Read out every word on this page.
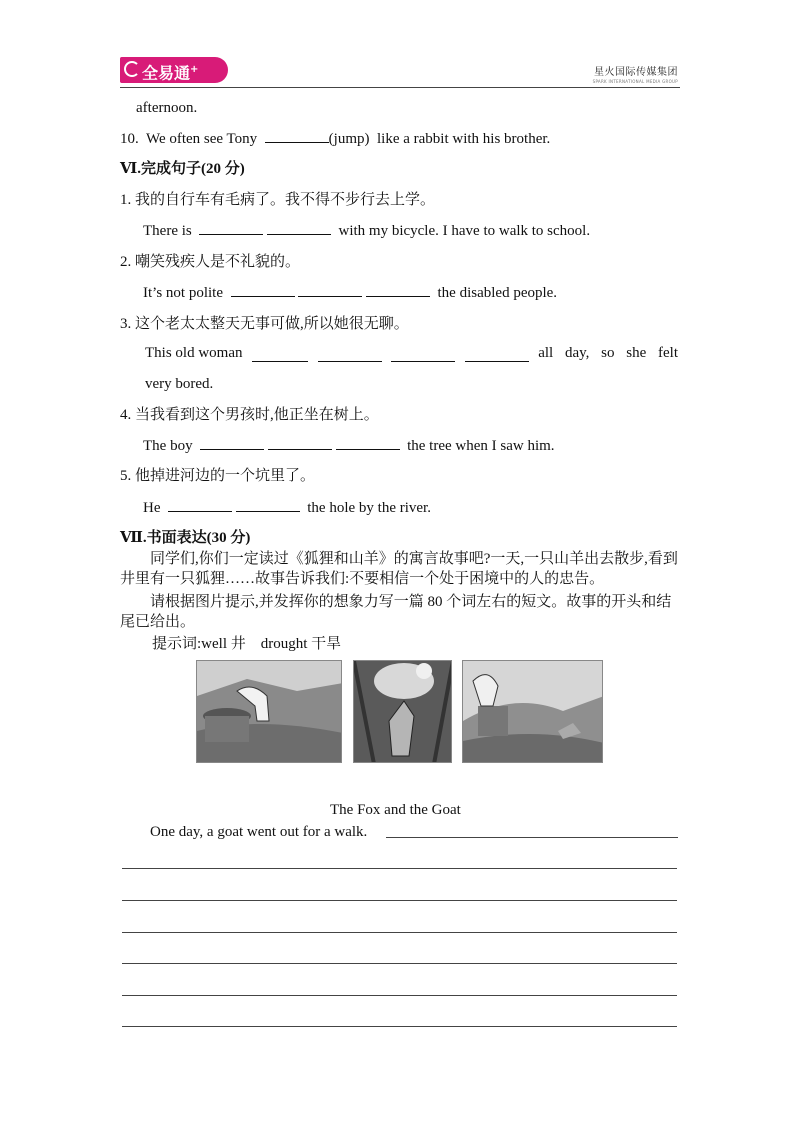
全易通+	星火国际传媒集团
SPARK INTERNATIONAL MEDIA GROUP
afternoon.
10. We often see Tony	(jump) like a rabbit with his brother.
Ⅵ.完成句子(20 分)
1. 我的自行车有毛病了。我不得不步行去上学。
There is	with my bicycle. I have to walk to school.
2. 嘲笑残疾人是不礼貌的。
It’s not polite	the disabled people.
3. 这个老太太整天无事可做,所以她很无聊。
This old woman	all day, so she felt
very bored.
4. 当我看到这个男孩时,他正坐在树上。
The boy	the tree when I saw him.
5. 他掉进河边的一个坑里了。
He	the hole by the river.
Ⅶ.书面表达(30 分)
同学们,你们一定读过《狐狸和山羊》的寓言故事吧?一天,一只山羊出去散步,看到井里有一只狐狸……故事告诉我们:不要相信一个处于困境中的人的忠告。
请根据图片提示,并发挥你的想象力写一篇 80 个词左右的短文。故事的开头和结尾已给出。
提示词:well 井　drought 干旱
The Fox and the Goat
One day, a goat went out for a walk.
